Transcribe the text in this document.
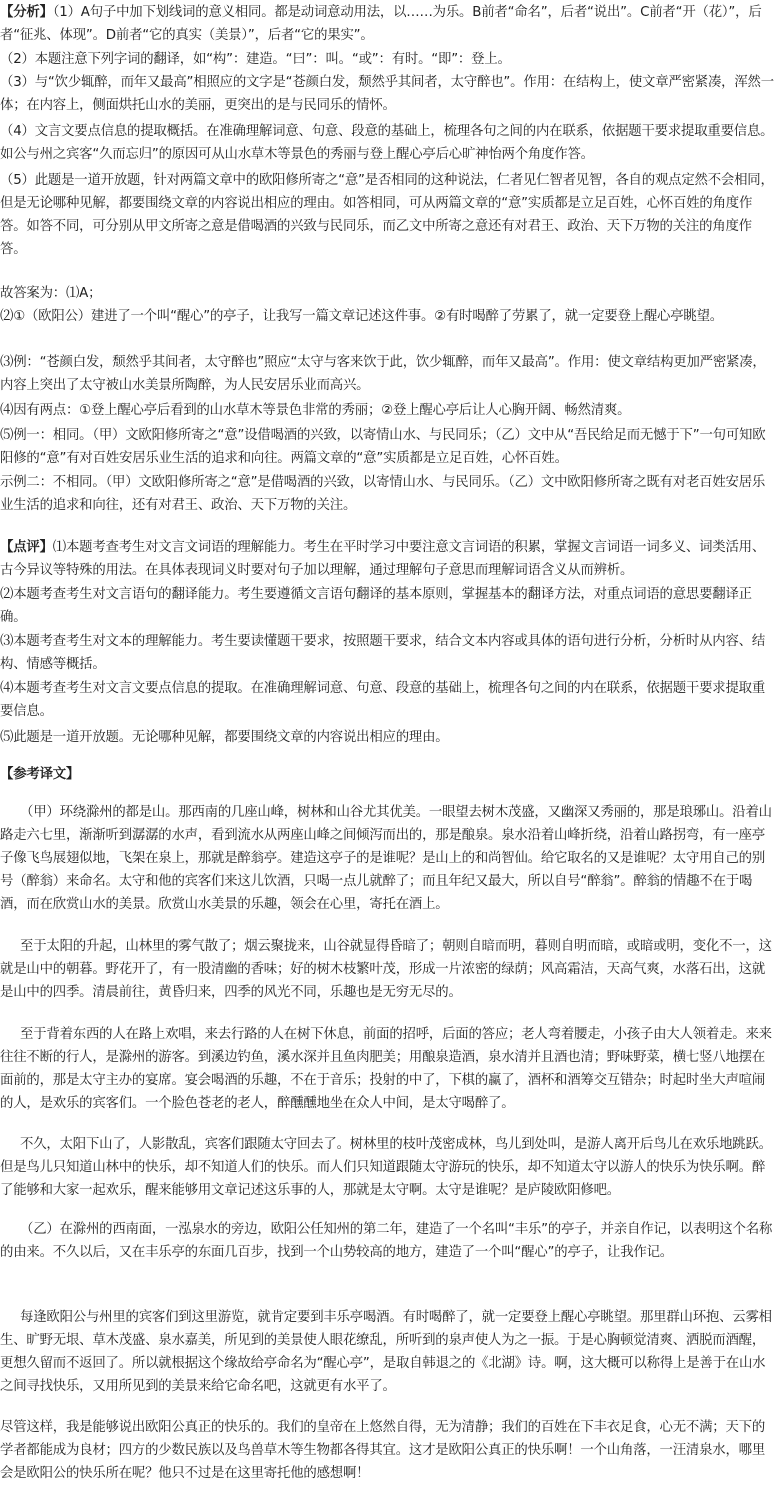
【分析】（1）A句子中加下划线词的意义相同。都是动词意动用法，以……为乐。B前者“命名”，后者“说出”。C前者“开（花）”，后者“征兆、体现”。D前者“它的真实（美景）”，后者“它的果实”。

（2）本题注意下列字词的翻译，如“构”：建造。“曰”：叫。“或”：有时。“即”：登上。

（3）与“饮少辄醉，而年又最高”相照应的文字是“苍颜白发，颓然乎其间者，太守醉也”。作用：在结构上，使文章严密紧凑，浑然一体；在内容上，侧面烘托山水的美丽，更突出的是与民同乐的情怀。

（4）文言文要点信息的提取概括。在准确理解词意、句意、段意的基础上，梳理各句之间的内在联系，依据题干要求提取重要信息。如公与州之宾客“久而忘归”的原因可从山水草木等景色的秀丽与登上醒心亭后心旷神怡两个角度作答。

（5）此题是一道开放题，针对两篇文章中的欧阳修所寄之“意”是否相同的这种说法，仁者见仁智者见智，各自的观点定然不会相同，但是无论哪种见解，都要围绕文章的内容说出相应的理由。如答相同，可从两篇文章的“意”实质都是立足百姓，心怀百姓的角度作答。如答不同，可分别从甲文所寄之意是借喝酒的兴致与民同乐，而乙文中所寄之意还有对君王、政治、天下万物的关注的角度作答。

故答案为：⑴A；

⑵①（欧阳公）建进了一个叫“醒心”的亭子，让我写一篇文章记述这件事。②有时喝醉了劳累了，就一定要登上醒心亭眺望。

⑶例：“苍颜白发，颓然乎其间者，太守醉也”照应“太守与客来饮于此，饮少辄醉，而年又最高”。作用：使文章结构更加严密紧凑，内容上突出了太守被山水美景所陶醉，为人民安居乐业而高兴。

⑷因有两点：①登上醒心亭后看到的山水草木等景色非常的秀丽；②登上醒心亭后让人心胸开阔、畅然清爽。

⑸例一：相同。（甲）文欧阳修所寄之“意”设借喝酒的兴致，以寄情山水、与民同乐；（乙）文中从“吾民给足而无憾于下”一句可知欧阳修的“意”有对百姓安居乐业生活的追求和向往。两篇文章的“意”实质都是立足百姓，心怀百姓。

示例二：不相同。（甲）文欧阳修所寄之“意”是借喝酒的兴致，以寄情山水、与民同乐。（乙）文中欧阳修所寄之既有对老百姓安居乐业生活的追求和向往，还有对君王、政治、天下万物的关注。

【点评】⑴本题考查考生对文言文词语的理解能力。考生在平时学习中要注意文言词语的积累，掌握文言词语一词多义、词类活用、古今异议等特殊的用法。在具体表现词义时要对句子加以理解，通过理解句子意思而理解词语含义从而辨析。

⑵本题考查考生对文言语句的翻译能力。考生要遵循文言语句翻译的基本原则，掌握基本的翻译方法，对重点词语的意思要翻译正确。

⑶本题考查考生对文本的理解能力。考生要读懂题干要求，按照题干要求，结合文本内容或具体的语句进行分析，分析时从内容、结构、情感等概括。

⑷本题考查考生对文言文要点信息的提取。在准确理解词意、句意、段意的基础上，梳理各句之间的内在联系，依据题干要求提取重要信息。

⑸此题是一道开放题。无论哪种见解，都要围绕文章的内容说出相应的理由。

【参考译文】

（甲）环绕滁州的都是山。那西南的几座山峰，树林和山谷尤其优美。一眼望去树木茂盛，又幽深又秀丽的，那是琅琊山。沿着山路走六七里，渐渐听到潺潺的水声，看到流水从两座山峰之间倾泻而出的，那是酿泉。泉水沿着山峰折绕，沿着山路拐弯，有一座亭子像飞鸟展翅似地，飞架在泉上，那就是醉翁亭。建造这亭子的是谁呢？是山上的和尚智仙。给它取名的又是谁呢？太守用自己的别号（醉翁）来命名。太守和他的宾客们来这儿饮酒，只喝一点儿就醉了；而且年纪又最大，所以自号“醉翁”。醉翁的情趣不在于喝酒，而在欣赏山水的美景。欣赏山水美景的乐趣，领会在心里，寄托在酒上。

至于太阳的升起，山林里的雾气散了；烟云聚拢来，山谷就显得昏暗了；朝则自暗而明，暮则自明而暗，或暗或明，变化不一，这就是山中的朝暮。野花开了，有一股清幽的香味；好的树木枝繁叶茂，形成一片浓密的绿荫；风高霜洁，天高气爽，水落石出，这就是山中的四季。清晨前往，黄昏归来，四季的风光不同，乐趣也是无穷无尽的。

至于背着东西的人在路上欢唱，来去行路的人在树下休息，前面的招呼，后面的答应；老人弯着腰走，小孩子由大人领着走。来来往往不断的行人，是滁州的游客。到溪边钓鱼，溪水深并且鱼肉肥美；用酿泉造酒，泉水清并且酒也清；野味野菜，横七竖八地摆在面前的，那是太守主办的宴席。宴会喝酒的乐趣，不在于音乐；投射的中了，下棋的赢了，酒杯和酒筹交互错杂；时起时坐大声喧闹的人，是欢乐的宾客们。一个脸色苍老的老人，醉醺醺地坐在众人中间，是太守喝醉了。

不久，太阳下山了，人影散乱，宾客们跟随太守回去了。树林里的枝叶茂密成林，鸟儿到处叫，是游人离开后鸟儿在欢乐地跳跃。但是鸟儿只知道山林中的快乐，却不知道人们的快乐。而人们只知道跟随太守游玩的快乐，却不知道太守以游人的快乐为快乐啊。醉了能够和大家一起欢乐，醒来能够用文章记述这乐事的人，那就是太守啊。太守是谁呢？是庐陵欧阳修吧。

（乙）在滁州的西南面，一泓泉水的旁边，欧阳公任知州的第二年，建造了一个名叫“丰乐”的亭子，并亲自作记，以表明这个名称的由来。不久以后，又在丰乐亭的东面几百步，找到一个山势较高的地方，建造了一个叫“醒心”的亭子，让我作记。

每逢欧阳公与州里的宾客们到这里游览，就肯定要到丰乐亭喝酒。有时喝醉了，就一定要登上醒心亭眺望。那里群山环抱、云雾相生、旷野无垠、草木茂盛、泉水嘉美，所见到的美景使人眼花缭乱，所听到的泉声使人为之一振。于是心胸顿觉清爽、洒脱而酒醒，更想久留而不返回了。所以就根据这个缘故给亭命名为“醒心亭”，是取自韩退之的《北湖》诗。啊，这大概可以称得上是善于在山水之间寻找快乐，又用所见到的美景来给它命名吧，这就更有水平了。

尽管这样，我是能够说出欧阳公真正的快乐的。我们的皇帝在上悠然自得，无为清静；我们的百姓在下丰衣足食，心无不满；天下的学者都能成为良材；四方的少数民族以及鸟兽草木等生物都各得其宜。这才是欧阳公真正的快乐啊！一个山角落，一汪清泉水，哪里会是欧阳公的快乐所在呢？他只不过是在这里寄托他的感想啊！
